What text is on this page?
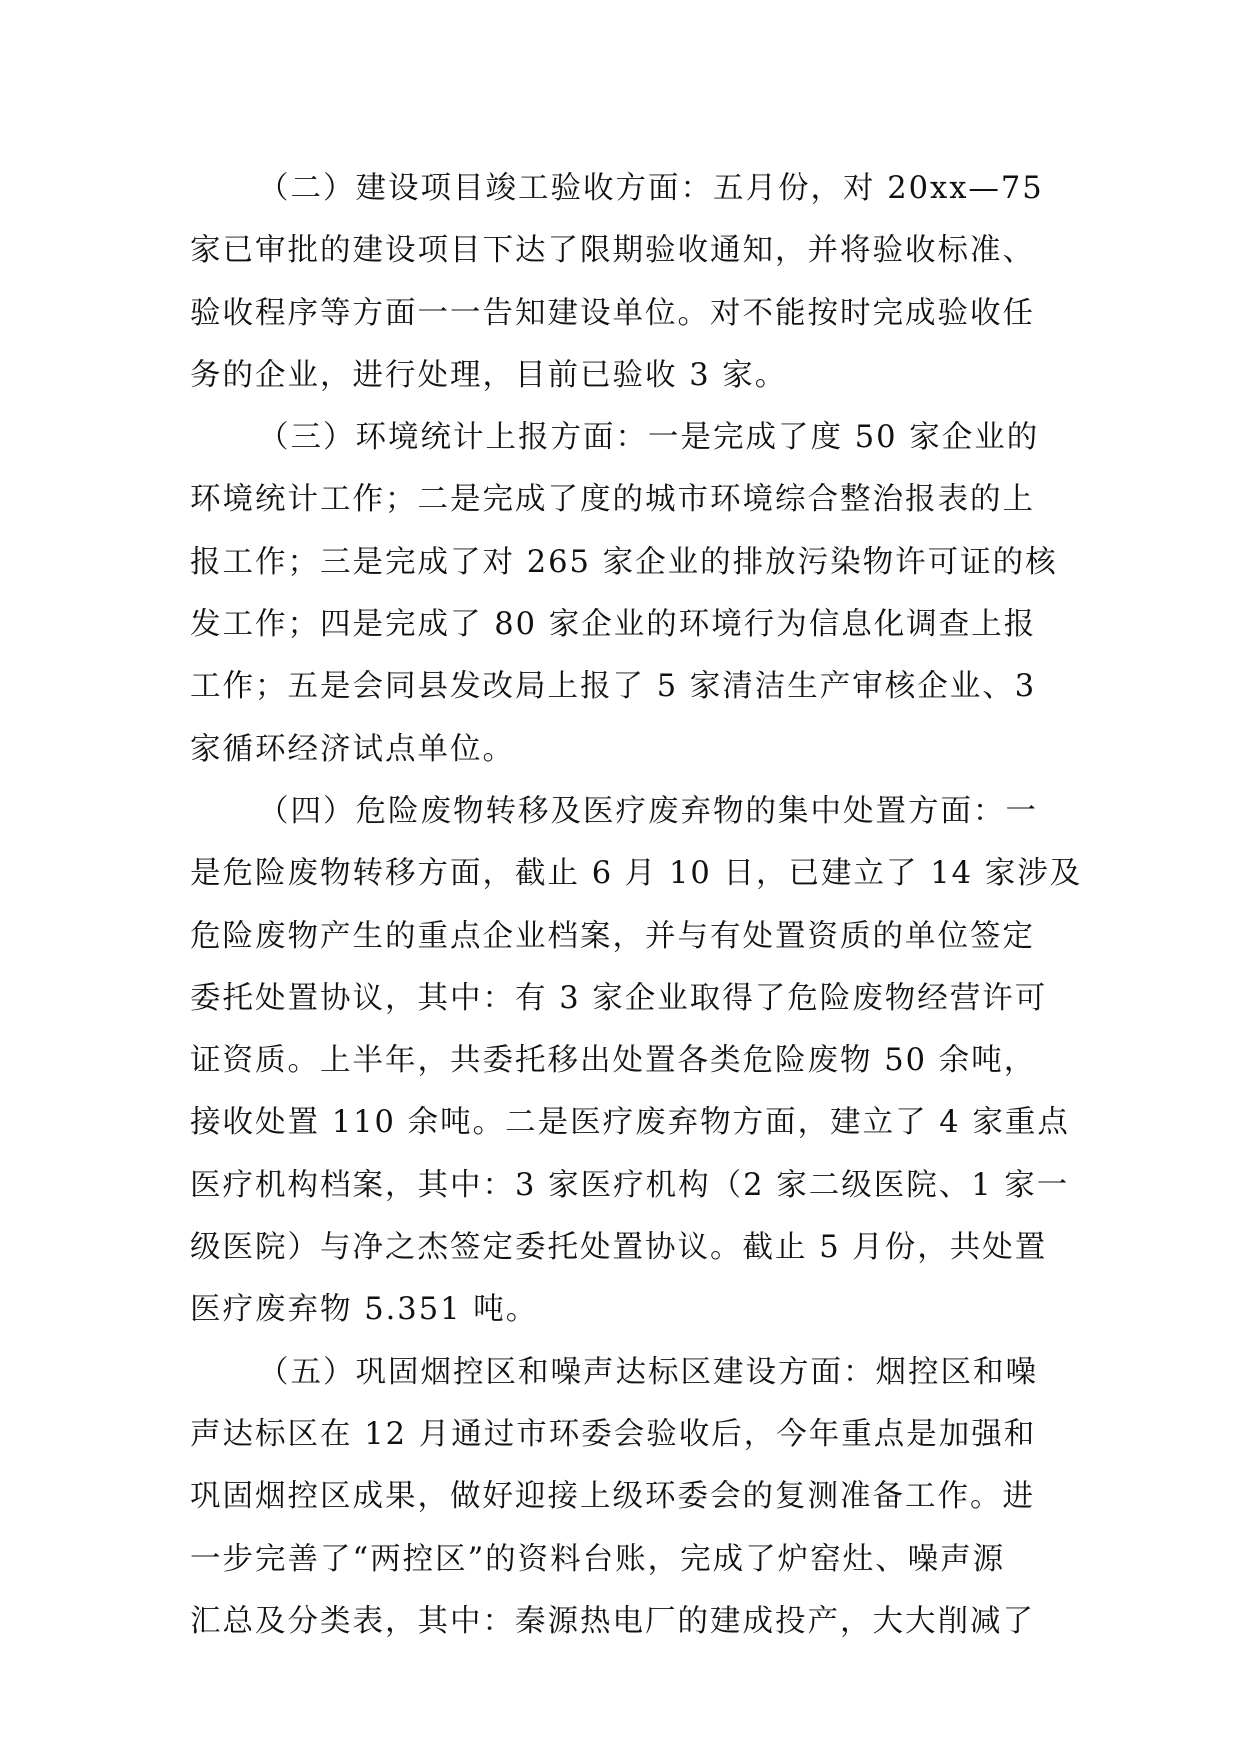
（二）建设项目竣工验收方面：五月份，对 20xx—75
家已审批的建设项目下达了限期验收通知，并将验收标准、
验收程序等方面一一告知建设单位。对不能按时完成验收任
务的企业，进行处理，目前已验收 3 家。
（三）环境统计上报方面：一是完成了度 50 家企业的
环境统计工作；二是完成了度的城市环境综合整治报表的上
报工作；三是完成了对 265 家企业的排放污染物许可证的核
发工作；四是完成了 80 家企业的环境行为信息化调查上报
工作；五是会同县发改局上报了 5 家清洁生产审核企业、3
家循环经济试点单位。
（四）危险废物转移及医疗废弃物的集中处置方面：一
是危险废物转移方面，截止 6 月 10 日，已建立了 14 家涉及
危险废物产生的重点企业档案，并与有处置资质的单位签定
委托处置协议，其中：有 3 家企业取得了危险废物经营许可
证资质。上半年，共委托移出处置各类危险废物 50 余吨，
接收处置 110 余吨。二是医疗废弃物方面，建立了 4 家重点
医疗机构档案，其中：3 家医疗机构（2 家二级医院、1 家一
级医院）与净之杰签定委托处置协议。截止 5 月份，共处置
医疗废弃物 5.351 吨。
（五）巩固烟控区和噪声达标区建设方面：烟控区和噪
声达标区在 12 月通过市环委会验收后，今年重点是加强和
巩固烟控区成果，做好迎接上级环委会的复测准备工作。进
一步完善了“两控区”的资料台账，完成了炉窑灶、噪声源
汇总及分类表，其中：秦源热电厂的建成投产，大大削减了
